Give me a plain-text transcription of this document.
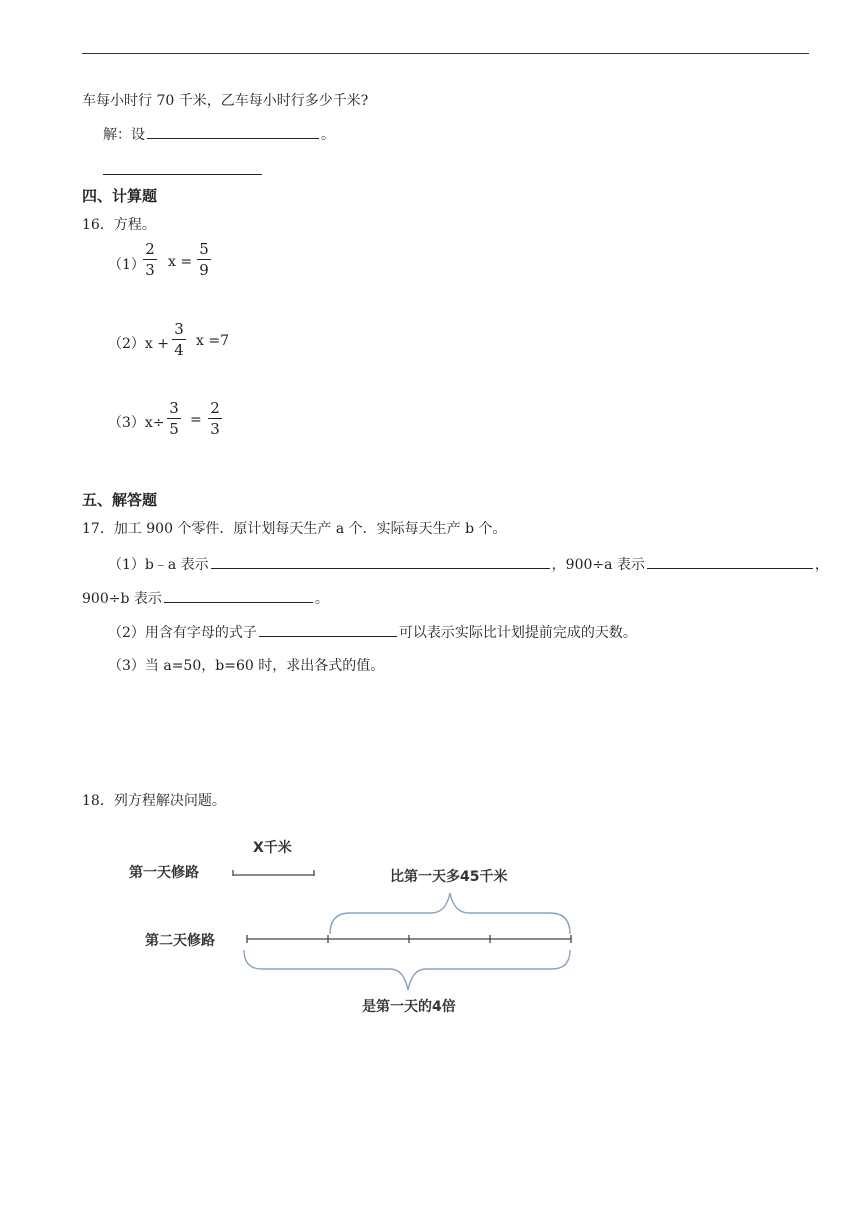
车每小时行 70 千米，乙车每小时行多少千米?
解：设	。
四、计算题
16．方程。
（1）
2
3 x =
5
9
（2）x +
3
4 x =7
（3）x÷
3
5 =
2
3
五、解答题
17．加工 900 个零件．原计划每天生产 a 个．实际每天生产 b 个。
（1）b﹣a 表示	，900÷a 表示	，
900÷b 表示	。
（2）用含有字母的式子	可以表示实际比计划提前完成的天数。
（3）当 a=50，b=60 时，求出各式的值。
18．列方程解决问题。
X千米
第一天修路	比第一天多45千米
第二天修路
是第一天的4倍
